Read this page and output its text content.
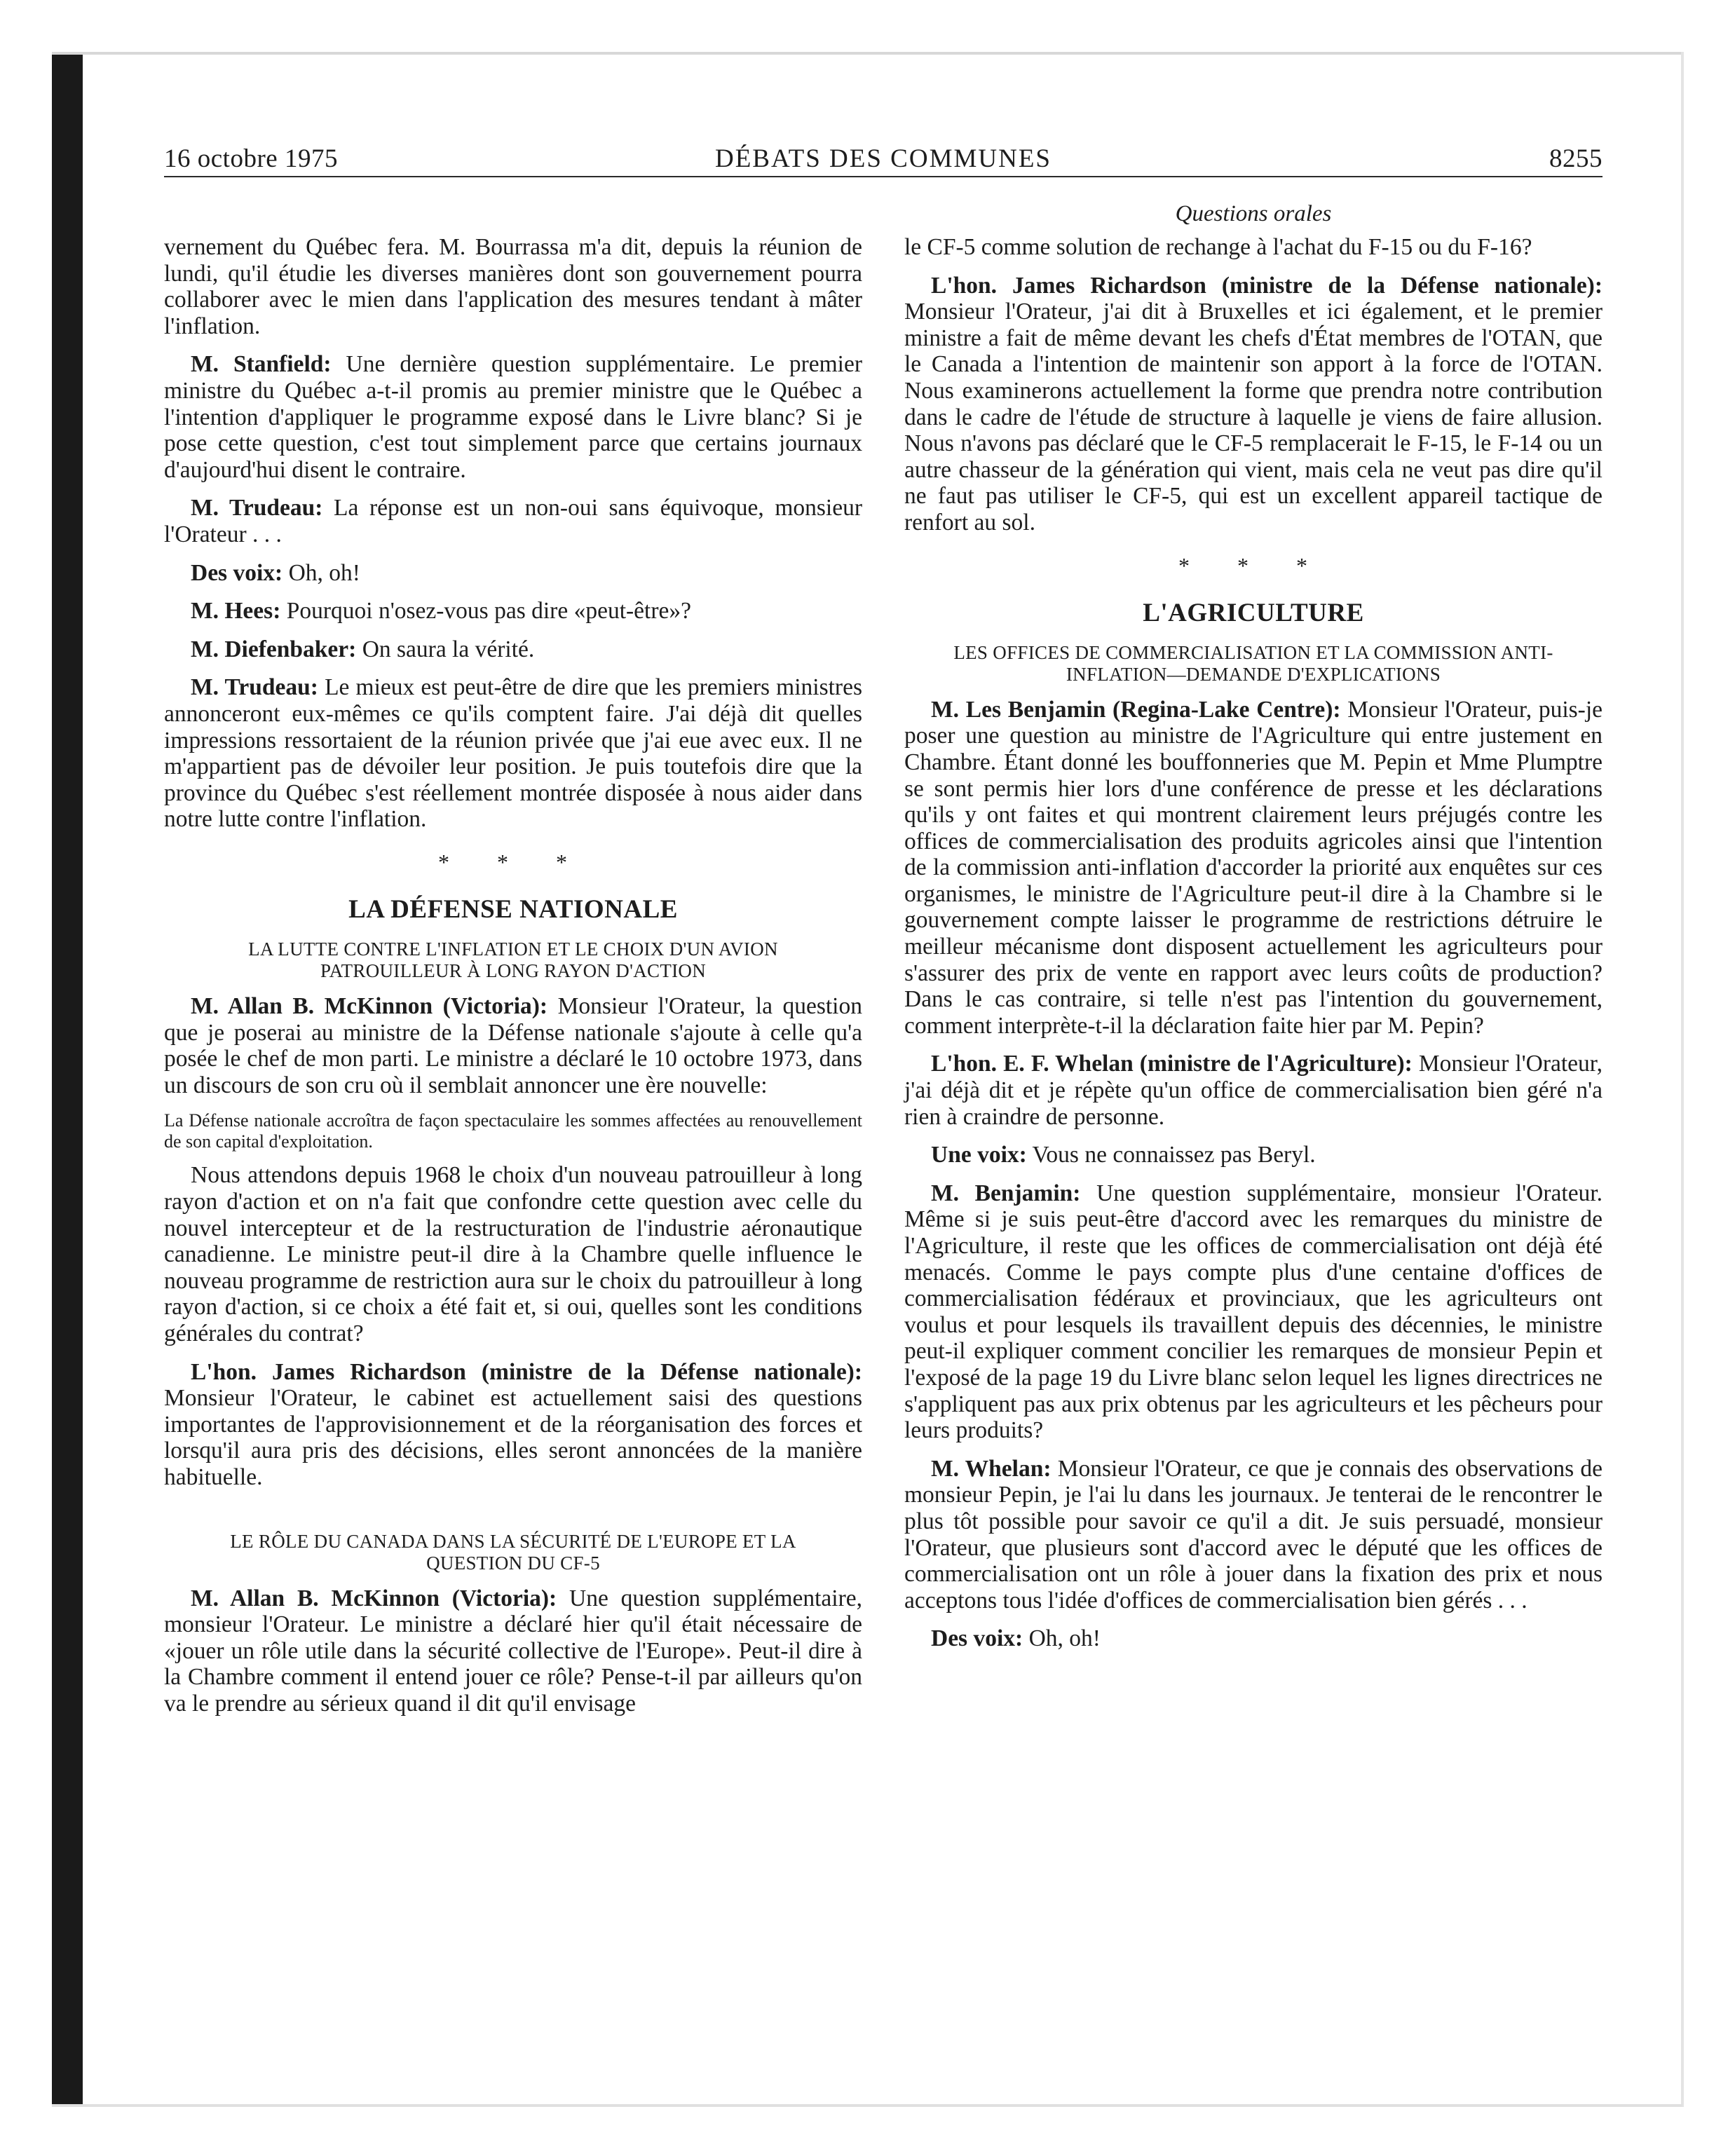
16 octobre 1975	DÉBATS DES COMMUNES	8255
Questions orales

vernement du Québec fera. M. Bourrassa m'a dit, depuis la réunion de lundi, qu'il étudie les diverses manières dont son gouvernement pourra collaborer avec le mien dans l'application des mesures tendant à mâter l'inflation.

M. Stanfield: Une dernière question supplémentaire. Le premier ministre du Québec a-t-il promis au premier ministre que le Québec a l'intention d'appliquer le programme exposé dans le Livre blanc? Si je pose cette question, c'est tout simplement parce que certains journaux d'aujourd'hui disent le contraire.

M. Trudeau: La réponse est un non-oui sans équivoque, monsieur l'Orateur . . .

Des voix: Oh, oh!

M. Hees: Pourquoi n'osez-vous pas dire «peut-être»?

M. Diefenbaker: On saura la vérité.

M. Trudeau: Le mieux est peut-être de dire que les premiers ministres annonceront eux-mêmes ce qu'ils comptent faire. J'ai déjà dit quelles impressions ressortaient de la réunion privée que j'ai eue avec eux. Il ne m'appartient pas de dévoiler leur position. Je puis toutefois dire que la province du Québec s'est réellement montrée disposée à nous aider dans notre lutte contre l'inflation.

* * *
LA DÉFENSE NATIONALE
LA LUTTE CONTRE L'INFLATION ET LE CHOIX D'UN AVION PATROUILLEUR À LONG RAYON D'ACTION

M. Allan B. McKinnon (Victoria): Monsieur l'Orateur, la question que je poserai au ministre de la Défense nationale s'ajoute à celle qu'a posée le chef de mon parti. Le ministre a déclaré le 10 octobre 1973, dans un discours de son cru où il semblait annoncer une ère nouvelle:

La Défense nationale accroîtra de façon spectaculaire les sommes affectées au renouvellement de son capital d'exploitation.

Nous attendons depuis 1968 le choix d'un nouveau patrouilleur à long rayon d'action et on n'a fait que confondre cette question avec celle du nouvel intercepteur et de la restructuration de l'industrie aéronautique canadienne. Le ministre peut-il dire à la Chambre quelle influence le nouveau programme de restriction aura sur le choix du patrouilleur à long rayon d'action, si ce choix a été fait et, si oui, quelles sont les conditions générales du contrat?

L'hon. James Richardson (ministre de la Défense nationale): Monsieur l'Orateur, le cabinet est actuellement saisi des questions importantes de l'approvisionnement et de la réorganisation des forces et lorsqu'il aura pris des décisions, elles seront annoncées de la manière habituelle.

LE RÔLE DU CANADA DANS LA SÉCURITÉ DE L'EUROPE ET LA QUESTION DU CF-5

M. Allan B. McKinnon (Victoria): Une question supplémentaire, monsieur l'Orateur. Le ministre a déclaré hier qu'il était nécessaire de «jouer un rôle utile dans la sécurité collective de l'Europe». Peut-il dire à la Chambre comment il entend jouer ce rôle? Pense-t-il par ailleurs qu'on va le prendre au sérieux quand il dit qu'il envisage

le CF-5 comme solution de rechange à l'achat du F-15 ou du F-16?

L'hon. James Richardson (ministre de la Défense nationale): Monsieur l'Orateur, j'ai dit à Bruxelles et ici également, et le premier ministre a fait de même devant les chefs d'État membres de l'OTAN, que le Canada a l'intention de maintenir son apport à la force de l'OTAN. Nous examinerons actuellement la forme que prendra notre contribution dans le cadre de l'étude de structure à laquelle je viens de faire allusion. Nous n'avons pas déclaré que le CF-5 remplacerait le F-15, le F-14 ou un autre chasseur de la génération qui vient, mais cela ne veut pas dire qu'il ne faut pas utiliser le CF-5, qui est un excellent appareil tactique de renfort au sol.

* * *
L'AGRICULTURE
LES OFFICES DE COMMERCIALISATION ET LA COMMISSION ANTI-INFLATION—DEMANDE D'EXPLICATIONS

M. Les Benjamin (Regina-Lake Centre): Monsieur l'Orateur, puis-je poser une question au ministre de l'Agriculture qui entre justement en Chambre. Étant donné les bouffonneries que M. Pepin et Mme Plumptre se sont permis hier lors d'une conférence de presse et les déclarations qu'ils y ont faites et qui montrent clairement leurs préjugés contre les offices de commercialisation des produits agricoles ainsi que l'intention de la commission anti-inflation d'accorder la priorité aux enquêtes sur ces organismes, le ministre de l'Agriculture peut-il dire à la Chambre si le gouvernement compte laisser le programme de restrictions détruire le meilleur mécanisme dont disposent actuellement les agriculteurs pour s'assurer des prix de vente en rapport avec leurs coûts de production? Dans le cas contraire, si telle n'est pas l'intention du gouvernement, comment interprète-t-il la déclaration faite hier par M. Pepin?

L'hon. E. F. Whelan (ministre de l'Agriculture): Monsieur l'Orateur, j'ai déjà dit et je répète qu'un office de commercialisation bien géré n'a rien à craindre de personne.

Une voix: Vous ne connaissez pas Beryl.

M. Benjamin: Une question supplémentaire, monsieur l'Orateur. Même si je suis peut-être d'accord avec les remarques du ministre de l'Agriculture, il reste que les offices de commercialisation ont déjà été menacés. Comme le pays compte plus d'une centaine d'offices de commercialisation fédéraux et provinciaux, que les agriculteurs ont voulus et pour lesquels ils travaillent depuis des décennies, le ministre peut-il expliquer comment concilier les remarques de monsieur Pepin et l'exposé de la page 19 du Livre blanc selon lequel les lignes directrices ne s'appliquent pas aux prix obtenus par les agriculteurs et les pêcheurs pour leurs produits?

M. Whelan: Monsieur l'Orateur, ce que je connais des observations de monsieur Pepin, je l'ai lu dans les journaux. Je tenterai de le rencontrer le plus tôt possible pour savoir ce qu'il a dit. Je suis persuadé, monsieur l'Orateur, que plusieurs sont d'accord avec le député que les offices de commercialisation ont un rôle à jouer dans la fixation des prix et nous acceptons tous l'idée d'offices de commercialisation bien gérés . . .

Des voix: Oh, oh!
